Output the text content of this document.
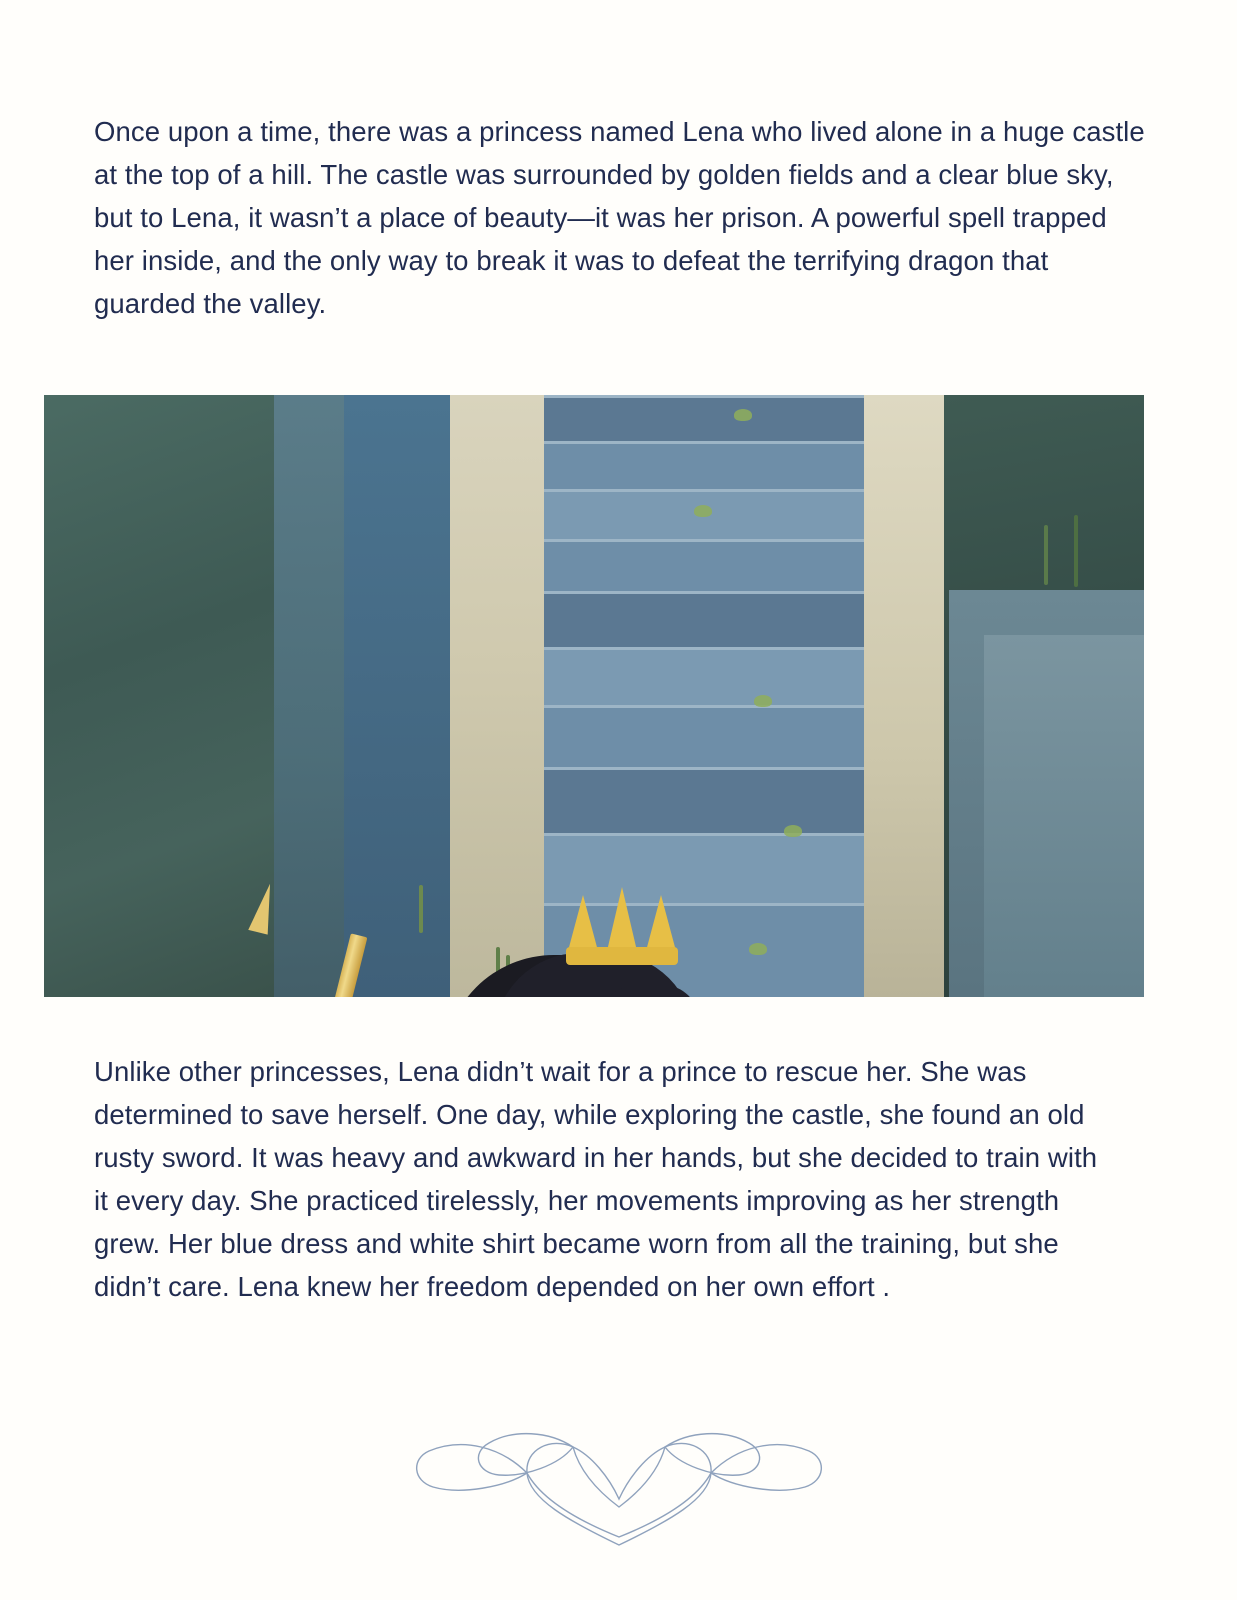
Once upon a time, there was a princess named Lena who lived alone in a huge castle at the top of a hill. The castle was surrounded by golden fields and a clear blue sky, but to Lena, it wasn’t a place of beauty—it was her prison. A powerful spell trapped her inside, and the only way to break it was to defeat the terrifying dragon that guarded the valley.

Unlike other princesses, Lena didn’t wait for a prince to rescue her. She was determined to save herself. One day, while exploring the castle, she found an old rusty sword. It was heavy and awkward in her hands, but she decided to train with it every day. She practiced tirelessly, her movements improving as her strength grew. Her blue dress and white shirt became worn from all the training, but she didn’t care. Lena knew her freedom depended on her own effort .
